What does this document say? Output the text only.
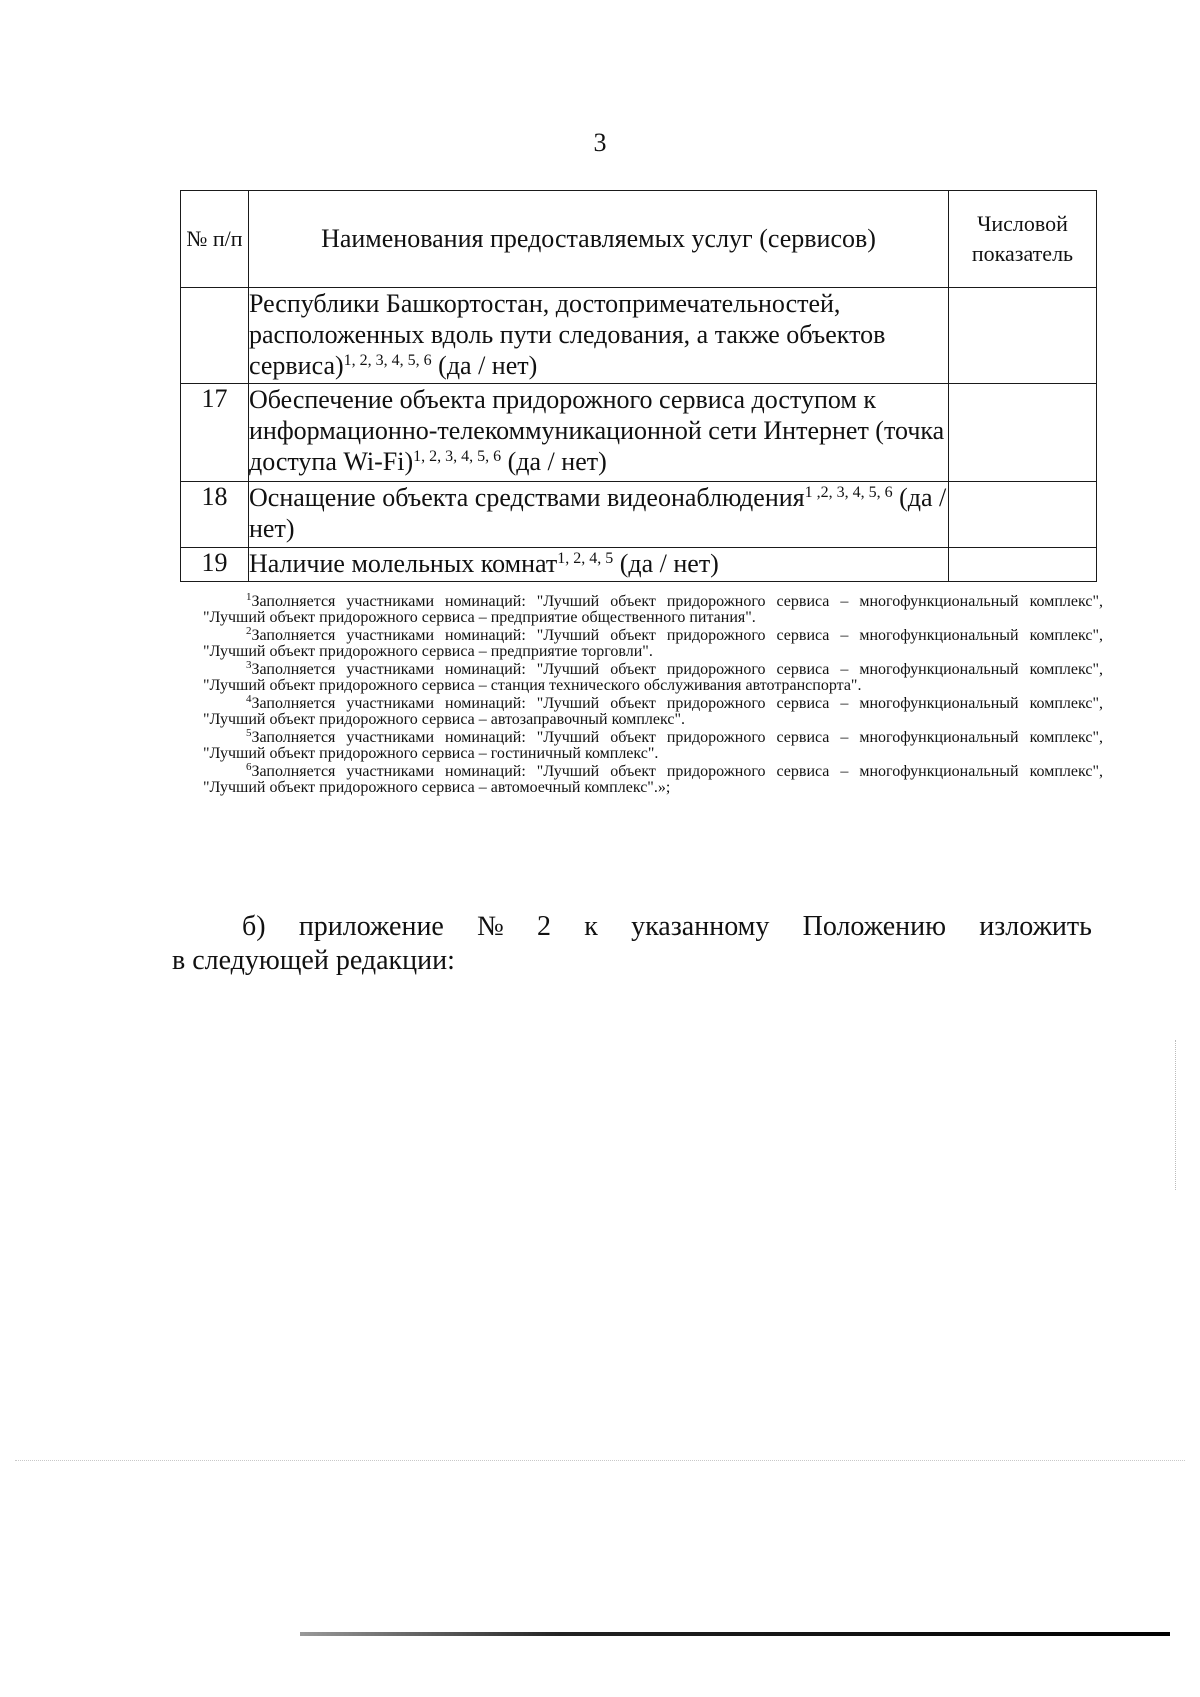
3
№ п/п	Наименования предоставляемых услуг (сервисов)	Числовой показатель
	Республики Башкортостан, достопримечательностей, расположенных вдоль пути следования, а также объектов сервиса)$^{1, 2, 3, 4, 5, 6}$ (да / нет)	
17	Обеспечение объекта придорожного сервиса доступом к информационно-телекоммуникационной сети Интернет (точка доступа Wi-Fi)$^{1, 2, 3, 4, 5, 6}$ (да / нет)	
18	Оснащение объекта средствами видеонаблюдения$^{1 ,2, 3, 4, 5, 6}$ (да / нет)	
19	Наличие молельных комнат$^{1, 2, 4, 5}$ (да / нет)	

$^1$Заполняется участниками номинаций: "Лучший объект придорожного сервиса – многофункциональный комплекс", "Лучший объект придорожного сервиса – предприятие общественного питания".

$^2$Заполняется участниками номинаций: "Лучший объект придорожного сервиса – многофункциональный комплекс", "Лучший объект придорожного сервиса – предприятие торговли".

$^3$Заполняется участниками номинаций: "Лучший объект придорожного сервиса – многофункциональный комплекс", "Лучший объект придорожного сервиса – станция технического обслуживания автотранспорта".

$^4$Заполняется участниками номинаций: "Лучший объект придорожного сервиса – многофункциональный комплекс", "Лучший объект придорожного сервиса – автозаправочный комплекс".

$^5$Заполняется участниками номинаций: "Лучший объект придорожного сервиса – многофункциональный комплекс", "Лучший объект придорожного сервиса – гостиничный комплекс".

$^6$Заполняется участниками номинаций: "Лучший объект придорожного сервиса – многофункциональный комплекс", "Лучший объект придорожного сервиса – автомоечный комплекс".»;

б) приложение № 2 к указанному Положению изложить
в следующей редакции:
